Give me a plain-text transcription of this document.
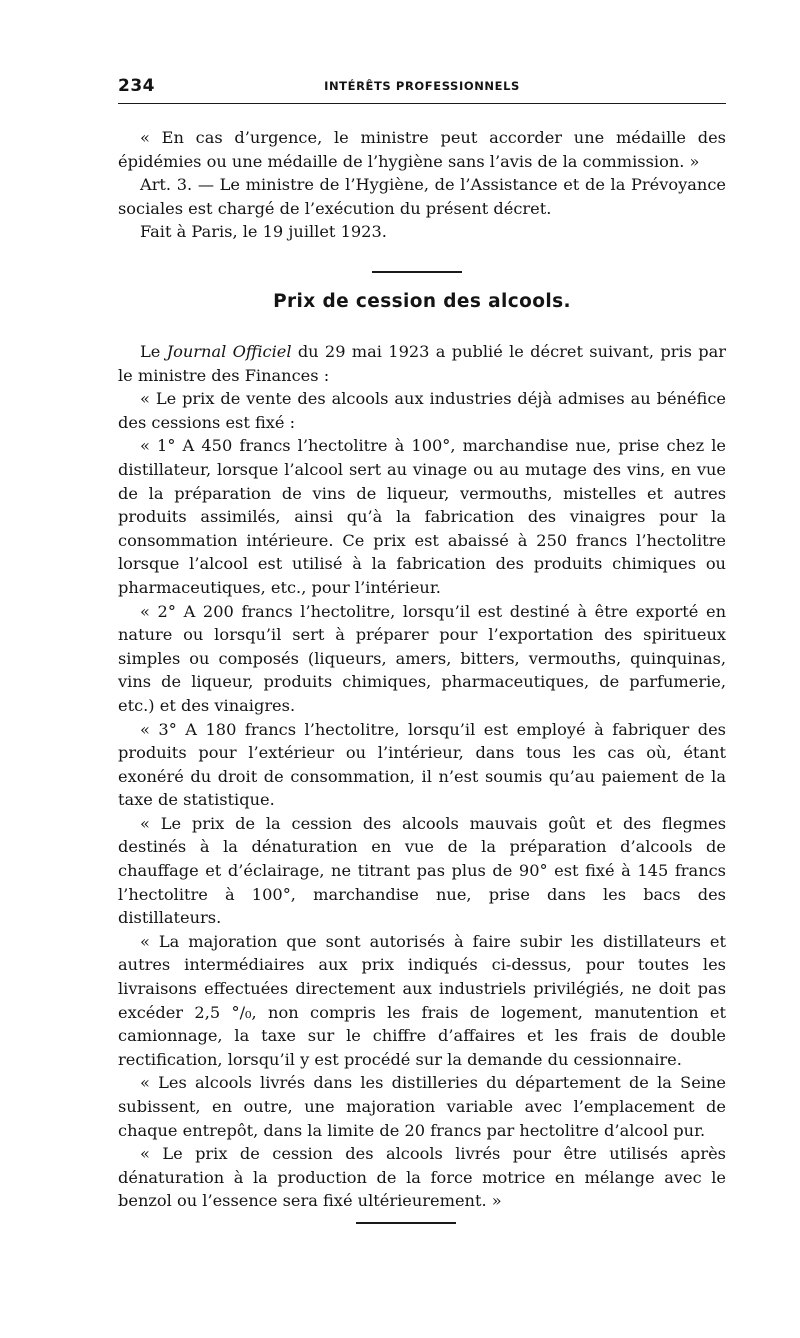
234	INTÉRÊTS PROFESSIONNELS

« En cas d’urgence, le ministre peut accorder une médaille des épidémies ou une médaille de l’hygiène sans l’avis de la commission. »

Art. 3. — Le ministre de l’Hygiène, de l’Assistance et de la Prévoyance sociales est chargé de l’exécution du présent décret.

Fait à Paris, le 19 juillet 1923.

Prix de cession des alcools.

Le Journal Officiel du 29 mai 1923 a publié le décret suivant, pris par le ministre des Finances :

« Le prix de vente des alcools aux industries déjà admises au bénéfice des cessions est fixé :

« 1° A 450 francs l’hectolitre à 100°, marchandise nue, prise chez le distillateur, lorsque l’alcool sert au vinage ou au mutage des vins, en vue de la préparation de vins de liqueur, vermouths, mistelles et autres produits assimilés, ainsi qu’à la fabrication des vinaigres pour la consommation intérieure. Ce prix est abaissé à 250 francs l’hectolitre lorsque l’alcool est utilisé à la fabrication des produits chimiques ou pharmaceutiques, etc., pour l’intérieur.

« 2° A 200 francs l’hectolitre, lorsqu’il est destiné à être exporté en nature ou lorsqu’il sert à préparer pour l’exportation des spiritueux simples ou composés (liqueurs, amers, bitters, vermouths, quinquinas, vins de liqueur, produits chimiques, pharmaceutiques, de parfumerie, etc.) et des vinaigres.

« 3° A 180 francs l’hectolitre, lorsqu’il est employé à fabriquer des produits pour l’extérieur ou l’intérieur, dans tous les cas où, étant exonéré du droit de consommation, il n’est soumis qu’au paiement de la taxe de statistique.

« Le prix de la cession des alcools mauvais goût et des flegmes destinés à la dénaturation en vue de la préparation d’alcools de chauffage et d’éclairage, ne titrant pas plus de 90° est fixé à 145 francs l’hectolitre à 100°, marchandise nue, prise dans les bacs des distillateurs.

« La majoration que sont autorisés à faire subir les distillateurs et autres intermédiaires aux prix indiqués ci-dessus, pour toutes les livraisons effectuées directement aux industriels privilégiés, ne doit pas excéder 2,5 °/₀, non compris les frais de logement, manutention et camionnage, la taxe sur le chiffre d’affaires et les frais de double rectification, lorsqu’il y est procédé sur la demande du cessionnaire.

« Les alcools livrés dans les distilleries du département de la Seine subissent, en outre, une majoration variable avec l’emplacement de chaque entrepôt, dans la limite de 20 francs par hectolitre d’alcool pur.

« Le prix de cession des alcools livrés pour être utilisés après dénaturation à la production de la force motrice en mélange avec le benzol ou l’essence sera fixé ultérieurement. »
